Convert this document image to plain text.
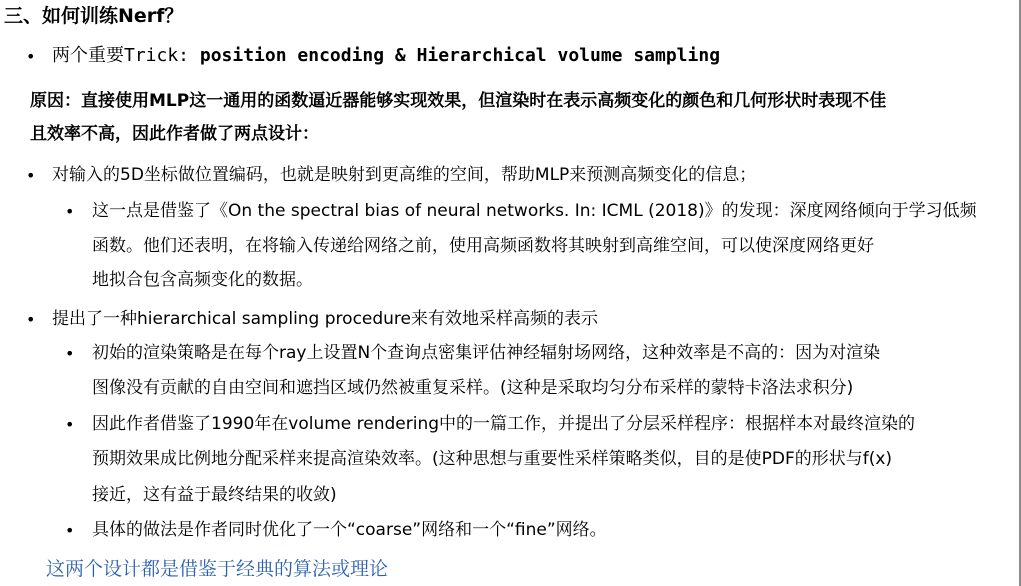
三、如何训练Nerf？
• 两个重要Trick: position encoding & Hierarchical volume sampling
原因：直接使用MLP这一通用的函数逼近器能够实现效果，但渲染时在表示高频变化的颜色和几何形状时表现不佳
且效率不高，因此作者做了两点设计：
• 对输入的5D坐标做位置编码，也就是映射到更高维的空间，帮助MLP来预测高频变化的信息；
• 这一点是借鉴了《On the spectral bias of neural networks. In: ICML (2018)》的发现：深度网络倾向于学习低频
函数。他们还表明，在将输入传递给网络之前，使用高频函数将其映射到高维空间，可以使深度网络更好
地拟合包含高频变化的数据。
• 提出了一种hierarchical sampling procedure来有效地采样高频的表示
• 初始的渲染策略是在每个ray上设置N个查询点密集评估神经辐射场网络，这种效率是不高的：因为对渲染
图像没有贡献的自由空间和遮挡区域仍然被重复采样。(这种是采取均匀分布采样的蒙特卡洛法求积分)
• 因此作者借鉴了1990年在volume rendering中的一篇工作，并提出了分层采样程序：根据样本对最终渲染的
预期效果成比例地分配采样来提高渲染效率。(这种思想与重要性采样策略类似，目的是使PDF的形状与f(x)
接近，这有益于最终结果的收敛)
• 具体的做法是作者同时优化了一个“coarse”网络和一个“fine”网络。
这两个设计都是借鉴于经典的算法或理论
